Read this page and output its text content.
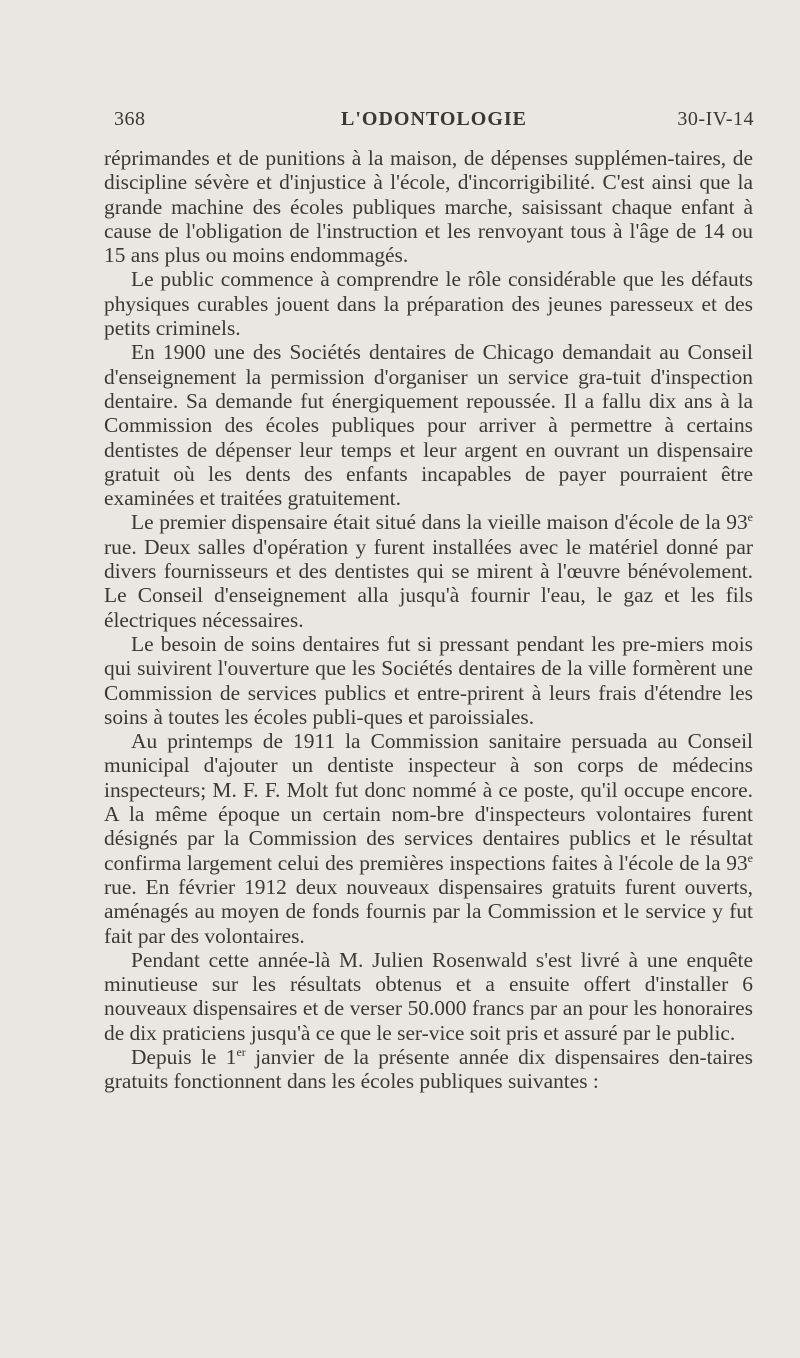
368	L'ODONTOLOGIE	30-IV-14

réprimandes et de punitions à la maison, de dépenses supplémen-taires, de discipline sévère et d'injustice à l'école, d'incorrigibilité. C'est ainsi que la grande machine des écoles publiques marche, saisissant chaque enfant à cause de l'obligation de l'instruction et les renvoyant tous à l'âge de 14 ou 15 ans plus ou moins endommagés.

Le public commence à comprendre le rôle considérable que les défauts physiques curables jouent dans la préparation des jeunes paresseux et des petits criminels.

En 1900 une des Sociétés dentaires de Chicago demandait au Conseil d'enseignement la permission d'organiser un service gra-tuit d'inspection dentaire. Sa demande fut énergiquement repoussée. Il a fallu dix ans à la Commission des écoles publiques pour arriver à permettre à certains dentistes de dépenser leur temps et leur argent en ouvrant un dispensaire gratuit où les dents des enfants incapables de payer pourraient être examinées et traitées gratuitement.

Le premier dispensaire était situé dans la vieille maison d'école de la 93e rue. Deux salles d'opération y furent installées avec le matériel donné par divers fournisseurs et des dentistes qui se mirent à l'œuvre bénévolement. Le Conseil d'enseignement alla jusqu'à fournir l'eau, le gaz et les fils électriques nécessaires.

Le besoin de soins dentaires fut si pressant pendant les pre-miers mois qui suivirent l'ouverture que les Sociétés dentaires de la ville formèrent une Commission de services publics et entre-prirent à leurs frais d'étendre les soins à toutes les écoles publi-ques et paroissiales.

Au printemps de 1911 la Commission sanitaire persuada au Conseil municipal d'ajouter un dentiste inspecteur à son corps de médecins inspecteurs; M. F. F. Molt fut donc nommé à ce poste, qu'il occupe encore. A la même époque un certain nom-bre d'inspecteurs volontaires furent désignés par la Commission des services dentaires publics et le résultat confirma largement celui des premières inspections faites à l'école de la 93e rue. En février 1912 deux nouveaux dispensaires gratuits furent ouverts, aménagés au moyen de fonds fournis par la Commission et le service y fut fait par des volontaires.

Pendant cette année-là M. Julien Rosenwald s'est livré à une enquête minutieuse sur les résultats obtenus et a ensuite offert d'installer 6 nouveaux dispensaires et de verser 50.000 francs par an pour les honoraires de dix praticiens jusqu'à ce que le ser-vice soit pris et assuré par le public.

Depuis le 1er janvier de la présente année dix dispensaires den-taires gratuits fonctionnent dans les écoles publiques suivantes :
